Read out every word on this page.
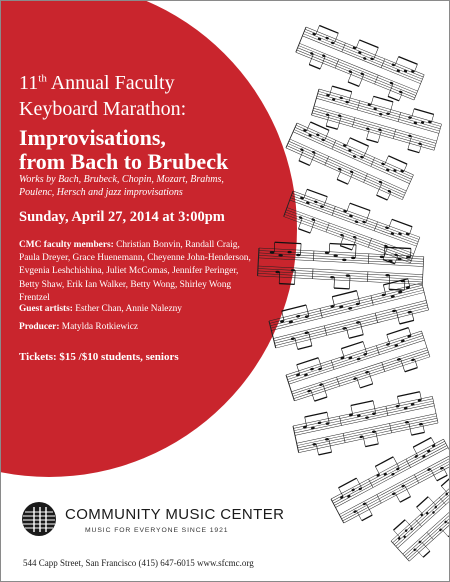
11th Annual Faculty
Keyboard Marathon:
Improvisations,
from Bach to Brubeck
Works by Bach, Brubeck, Chopin, Mozart, Brahms, Poulenc, Hersch and jazz improvisations
Sunday, April 27, 2014 at 3:00pm
CMC faculty members: Christian Bonvin, Randall Craig, Paula Dreyer, Grace Huenemann, Cheyenne John-Henderson, Evgenia Leshchishina, Juliet McComas, Jennifer Peringer, Betty Shaw, Erik Ian Walker, Betty Wong, Shirley Wong Frentzel
Guest artists: Esther Chan, Annie Nalezny
Producer: Matylda Rotkiewicz
Tickets: $15 /$10 students, seniors
COMMUNITY MUSIC CENTER
MUSIC FOR EVERYONE SINCE 1921
544 Capp Street, San Francisco (415) 647-6015 www.sfcmc.org
